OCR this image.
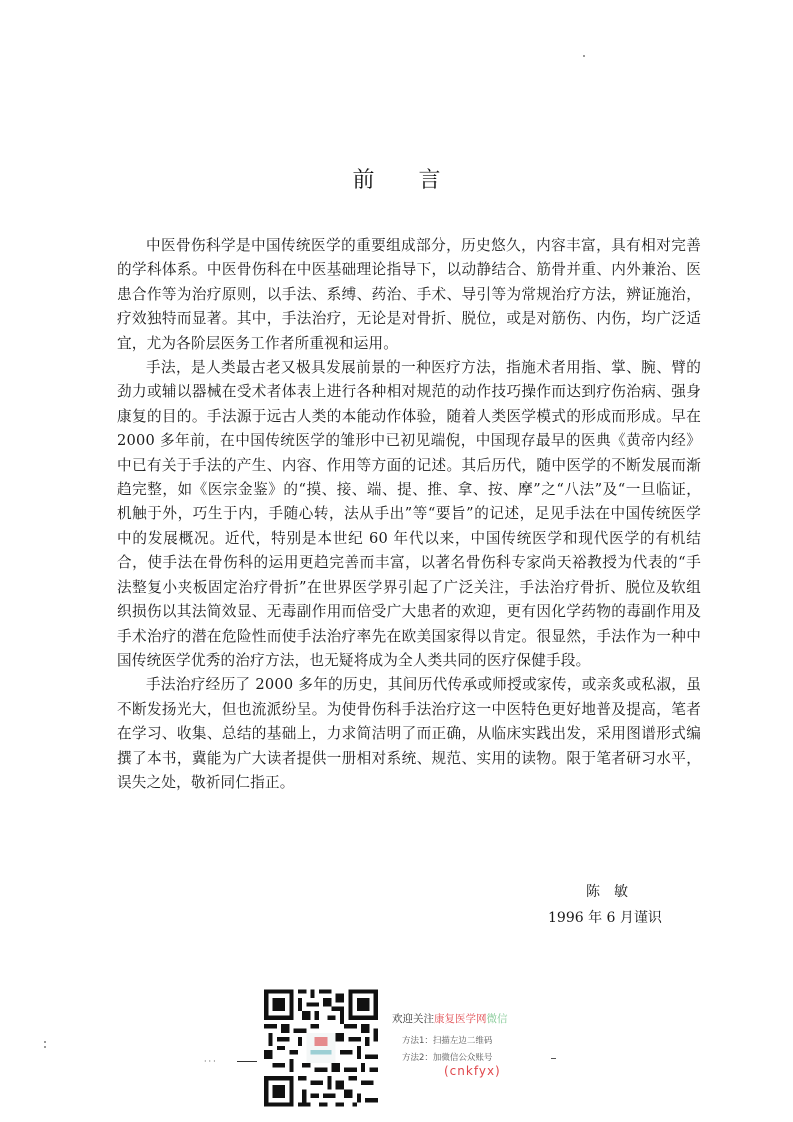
前言

中医骨伤科学是中国传统医学的重要组成部分，历史悠久，内容丰富，具有相对完善的学科体系。中医骨伤科在中医基础理论指导下，以动静结合、筋骨并重、内外兼治、医患合作等为治疗原则，以手法、系缚、药治、手术、导引等为常规治疗方法，辨证施治，疗效独特而显著。其中，手法治疗，无论是对骨折、脱位，或是对筋伤、内伤，均广泛适宜，尤为各阶层医务工作者所重视和运用。

手法，是人类最古老又极具发展前景的一种医疗方法，指施术者用指、掌、腕、臂的劲力或辅以器械在受术者体表上进行各种相对规范的动作技巧操作而达到疗伤治病、强身康复的目的。手法源于远古人类的本能动作体验，随着人类医学模式的形成而形成。早在 2000 多年前，在中国传统医学的雏形中已初见端倪，中国现存最早的医典《黄帝内经》中已有关于手法的产生、内容、作用等方面的记述。其后历代，随中医学的不断发展而渐趋完整，如《医宗金鉴》的“摸、接、端、提、推、拿、按、摩”之“八法”及“一旦临证，机触于外，巧生于内，手随心转，法从手出”等“要旨”的记述，足见手法在中国传统医学中的发展概况。近代，特别是本世纪 60 年代以来，中国传统医学和现代医学的有机结合，使手法在骨伤科的运用更趋完善而丰富，以著名骨伤科专家尚天裕教授为代表的“手法整复小夹板固定治疗骨折”在世界医学界引起了广泛关注，手法治疗骨折、脱位及软组织损伤以其法简效显、无毒副作用而倍受广大患者的欢迎，更有因化学药物的毒副作用及手术治疗的潜在危险性而使手法治疗率先在欧美国家得以肯定。很显然，手法作为一种中国传统医学优秀的治疗方法，也无疑将成为全人类共同的医疗保健手段。

手法治疗经历了 2000 多年的历史，其间历代传承或师授或家传，或亲炙或私淑，虽不断发扬光大，但也流派纷呈。为使骨伤科手法治疗这一中医特色更好地普及提高，笔者在学习、收集、总结的基础上，力求简洁明了而正确，从临床实践出发，采用图谱形式编撰了本书，冀能为广大读者提供一册相对系统、规范、实用的读物。限于笔者研习水平，误失之处，敬祈同仁指正。

陈敏
1996 年 6 月谨识
···
欢迎关注康复医学网微信
方法1：扫描左边二维码
方法2：加微信公众账号
(cnkfyx)
